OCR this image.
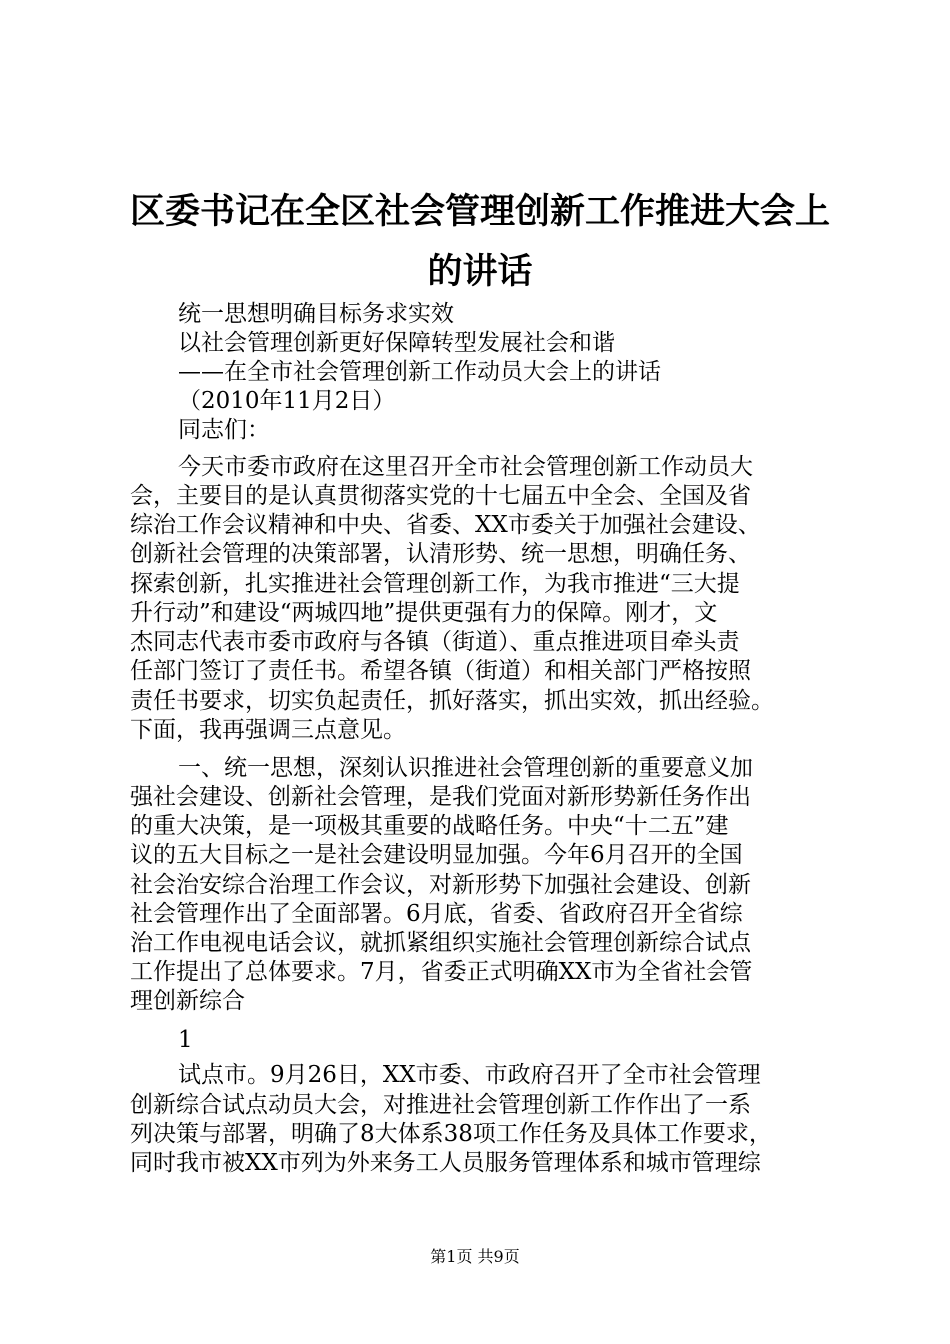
区委书记在全区社会管理创新工作推进大会上
的讲话
统一思想明确目标务求实效
以社会管理创新更好保障转型发展社会和谐
——在全市社会管理创新工作动员大会上的讲话
（2010年11月2日）
同志们：
今天市委市政府在这里召开全市社会管理创新工作动员大
会，主要目的是认真贯彻落实党的十七届五中全会、全国及省
综治工作会议精神和中央、省委、XX市委关于加强社会建设、
创新社会管理的决策部署，认清形势、统一思想，明确任务、
探索创新，扎实推进社会管理创新工作，为我市推进“三大提
升行动”和建设“两城四地”提供更强有力的保障。刚才，文
杰同志代表市委市政府与各镇（街道）、重点推进项目牵头责
任部门签订了责任书。希望各镇（街道）和相关部门严格按照
责任书要求，切实负起责任，抓好落实，抓出实效，抓出经验。
下面，我再强调三点意见。
一、统一思想，深刻认识推进社会管理创新的重要意义加
强社会建设、创新社会管理，是我们党面对新形势新任务作出
的重大决策，是一项极其重要的战略任务。中央“十二五”建
议的五大目标之一是社会建设明显加强。今年6月召开的全国
社会治安综合治理工作会议，对新形势下加强社会建设、创新
社会管理作出了全面部署。6月底，省委、省政府召开全省综
治工作电视电话会议，就抓紧组织实施社会管理创新综合试点
工作提出了总体要求。7月，省委正式明确XX市为全省社会管
理创新综合
1
试点市。9月26日，XX市委、市政府召开了全市社会管理
创新综合试点动员大会，对推进社会管理创新工作作出了一系
列决策与部署，明确了8大体系38项工作任务及具体工作要求，
同时我市被XX市列为外来务工人员服务管理体系和城市管理综
第1页 共9页
